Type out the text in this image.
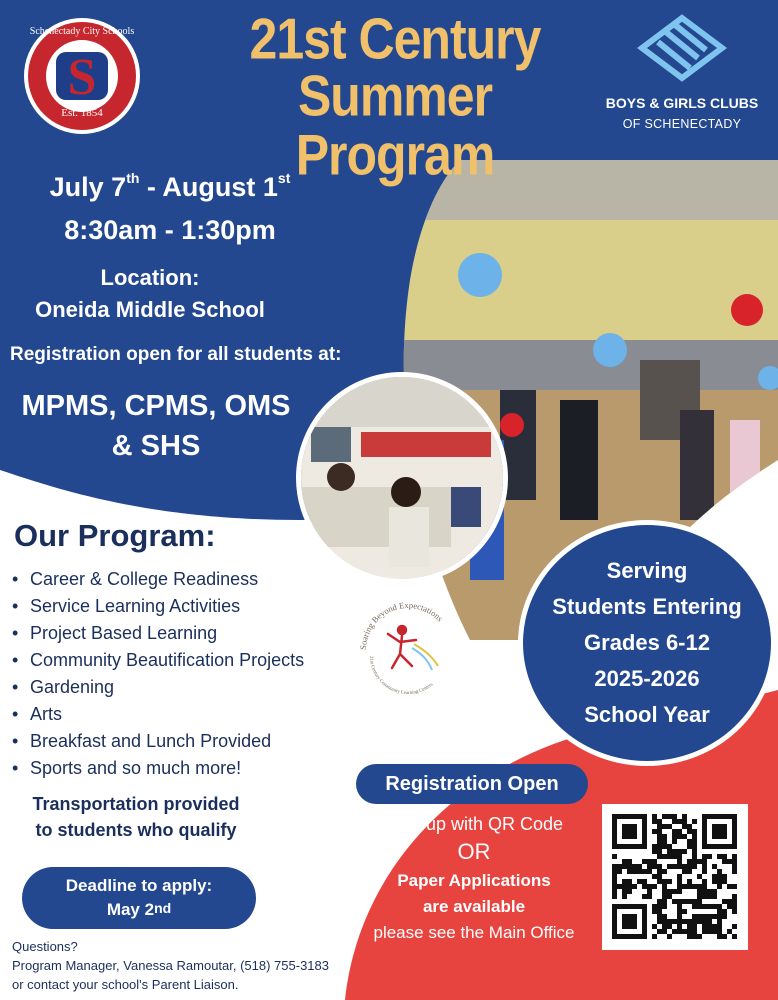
S
Est. 1854
Schenectady City Schools	21st Century
Summer Program
BOYS & GIRLS CLUBS
OF SCHENECTADY
July 7th - August 1st
8:30am - 1:30pm
Location:
Oneida Middle School
Registration open for all students at:
MPMS, CPMS, OMS
& SHS
Our Program:
• Career & College Readiness
• Service Learning Activities
• Project Based Learning
• Community Beautification Projects
• Gardening
• Arts
• Breakfast and Lunch Provided
• Sports and so much more!
Transportation provided
to students who qualify
Deadline to apply:
May 2nd
Questions?
Program Manager, Vanessa Ramoutar, (518) 755-3183
or contact your school's Parent Liaison.
Soaring Beyond Expectations
21st Century Community Learning Centers
Serving
Students Entering
Grades 6-12
2025-2026
School Year
Registration Open
Sign up with QR Code
OR
Paper Applications
are available
please see the Main Office
